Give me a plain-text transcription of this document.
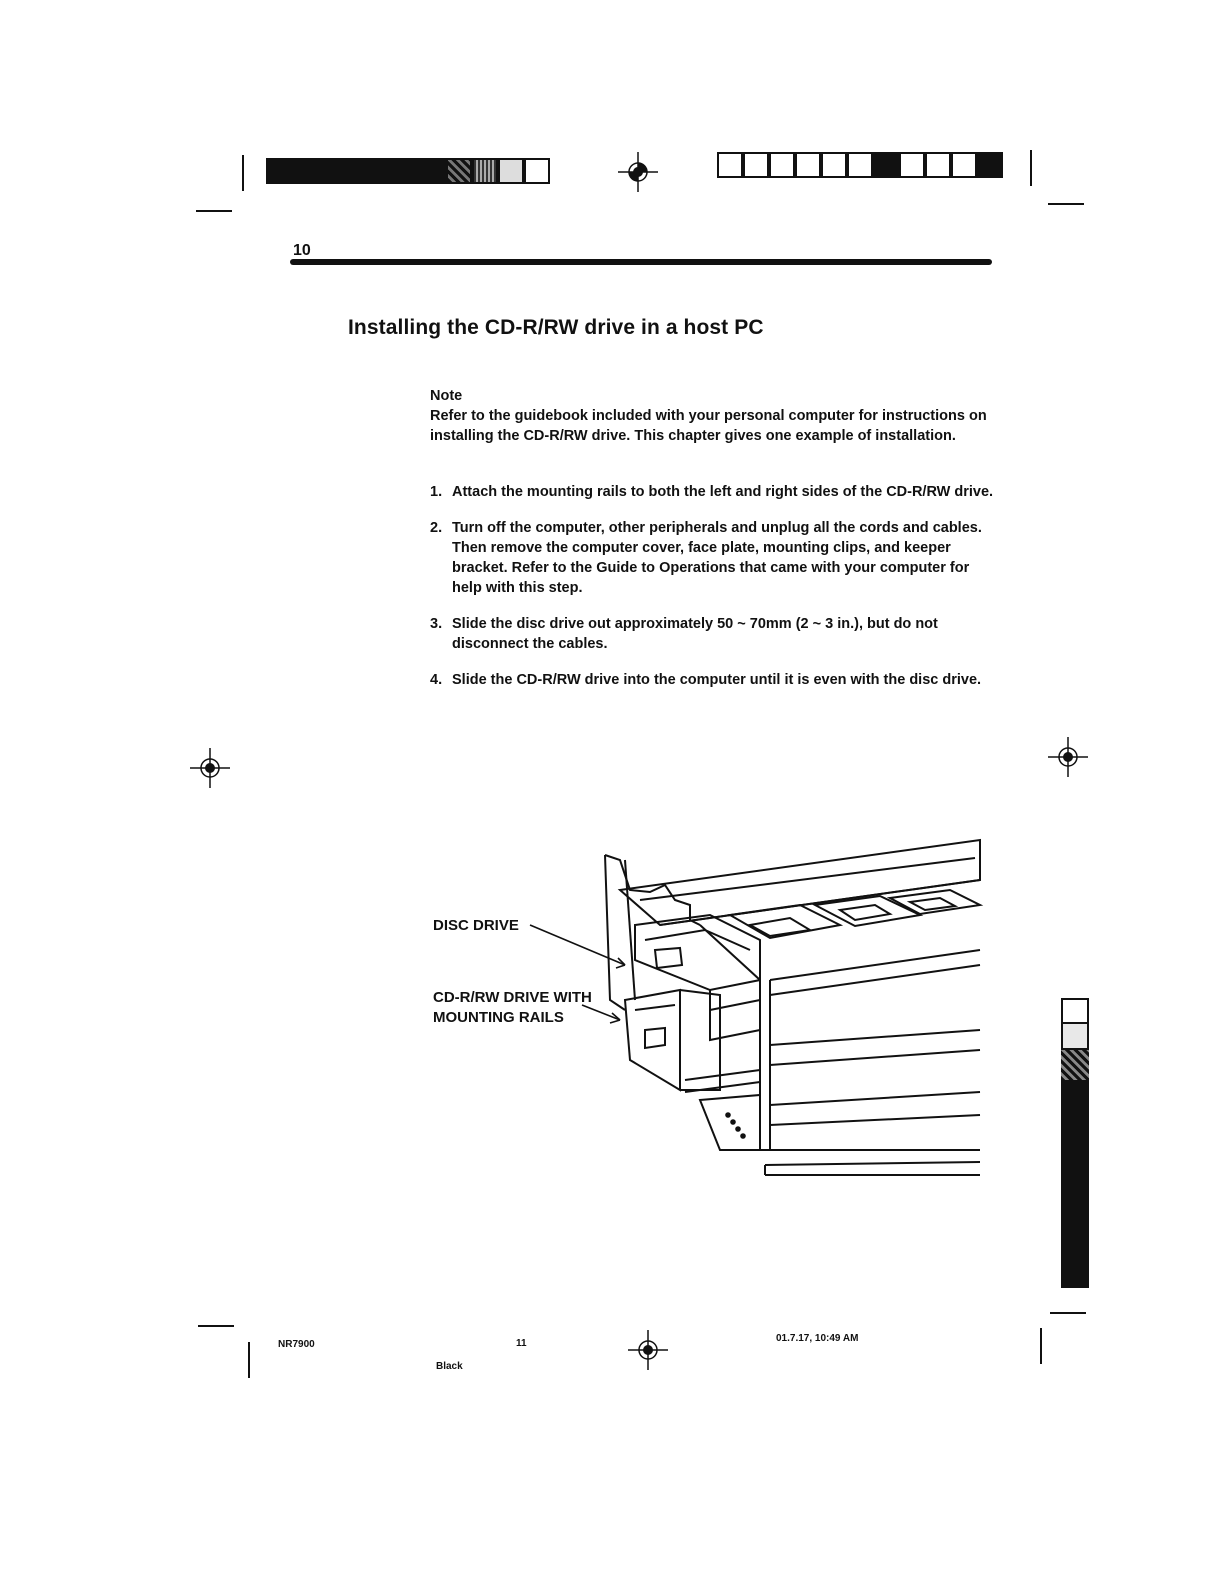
10
Installing the CD-R/RW drive in a host PC
Note
Refer to the guidebook included with your personal computer for instructions on installing the CD-R/RW drive. This chapter gives one example of installation.
1. Attach the mounting rails to both the left and right sides of the CD-R/RW drive.
2. Turn off the computer, other peripherals and unplug all the cords and cables. Then remove the computer cover, face plate, mounting clips, and keeper bracket. Refer to the Guide to Operations that came with your computer for help with this step.
3. Slide the disc drive out approximately 50 ~ 70mm (2 ~ 3 in.), but do not disconnect the cables.
4. Slide the CD-R/RW drive into the computer until it is even with the disc drive.
DISC DRIVE
CD-R/RW DRIVE WITH MOUNTING RAILS
NR7900	11
Black
01.7.17, 10:49 AM
